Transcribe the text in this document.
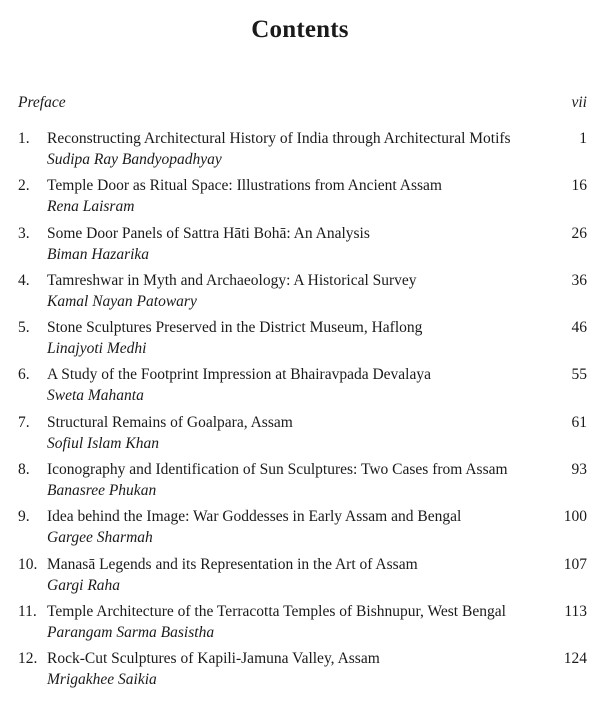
Contents
Preface	vii
1. Reconstructing Architectural History of India through Architectural Motifs	1
Sudipa Ray Bandyopadhyay
2. Temple Door as Ritual Space: Illustrations from Ancient Assam	16
Rena Laisram
3. Some Door Panels of Sattra Hāti Bohā: An Analysis	26
Biman Hazarika
4. Tamreshwar in Myth and Archaeology: A Historical Survey	36
Kamal Nayan Patowary
5. Stone Sculptures Preserved in the District Museum, Haflong	46
Linajyoti Medhi
6. A Study of the Footprint Impression at Bhairavpada Devalaya	55
Sweta Mahanta
7. Structural Remains of Goalpara, Assam	61
Sofiul Islam Khan
8. Iconography and Identification of Sun Sculptures: Two Cases from Assam	93
Banasree Phukan
9. Idea behind the Image: War Goddesses in Early Assam and Bengal	100
Gargee Sharmah
10. Manasā Legends and its Representation in the Art of Assam	107
Gargi Raha
11. Temple Architecture of the Terracotta Temples of Bishnupur, West Bengal	113
Parangam Sarma Basistha
12. Rock-Cut Sculptures of Kapili-Jamuna Valley, Assam	124
Mrigakhee Saikia
